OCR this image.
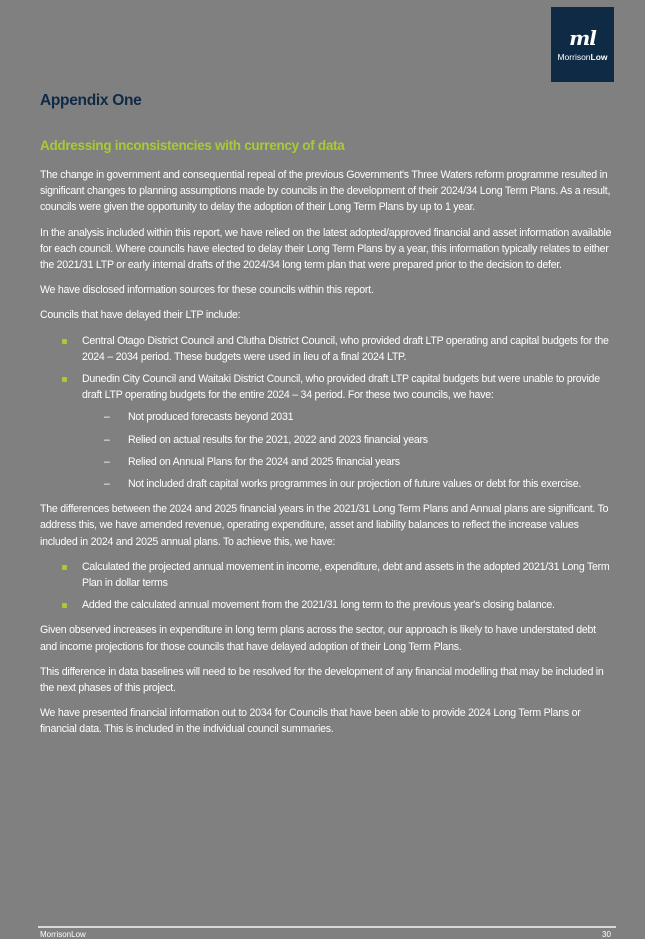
ml
MorrisonLow
Appendix One
Addressing inconsistencies with currency of data

The change in government and consequential repeal of the previous Government's Three Waters reform programme resulted in significant changes to planning assumptions made by councils in the development of their 2024/34 Long Term Plans. As a result, councils were given the opportunity to delay the adoption of their Long Term Plans by up to 1 year.

In the analysis included within this report, we have relied on the latest adopted/approved financial and asset information available for each council. Where councils have elected to delay their Long Term Plans by a year, this information typically relates to either the 2021/31 LTP or early internal drafts of the 2024/34 long term plan that were prepared prior to the decision to defer.

We have disclosed information sources for these councils within this report.

Councils that have delayed their LTP include:

Central Otago District Council and Clutha District Council, who provided draft LTP operating and capital budgets for the 2024 – 2034 period. These budgets were used in lieu of a final 2024 LTP.
Dunedin City Council and Waitaki District Council, who provided draft LTP capital budgets but were unable to provide draft LTP operating budgets for the entire 2024 – 34 period. For these two councils, we have:
– Not produced forecasts beyond 2031
– Relied on actual results for the 2021, 2022 and 2023 financial years
– Relied on Annual Plans for the 2024 and 2025 financial years
– Not included draft capital works programmes in our projection of future values or debt for this exercise.

The differences between the 2024 and 2025 financial years in the 2021/31 Long Term Plans and Annual plans are significant. To address this, we have amended revenue, operating expenditure, asset and liability balances to reflect the increase values included in 2024 and 2025 annual plans. To achieve this, we have:

Calculated the projected annual movement in income, expenditure, debt and assets in the adopted 2021/31 Long Term Plan in dollar terms
Added the calculated annual movement from the 2021/31 long term to the previous year's closing balance.

Given observed increases in expenditure in long term plans across the sector, our approach is likely to have understated debt and income projections for those councils that have delayed adoption of their Long Term Plans.

This difference in data baselines will need to be resolved for the development of any financial modelling that may be included in the next phases of this project.

We have presented financial information out to 2034 for Councils that have been able to provide 2024 Long Term Plans or financial data. This is included in the individual council summaries.

MorrisonLow	30
